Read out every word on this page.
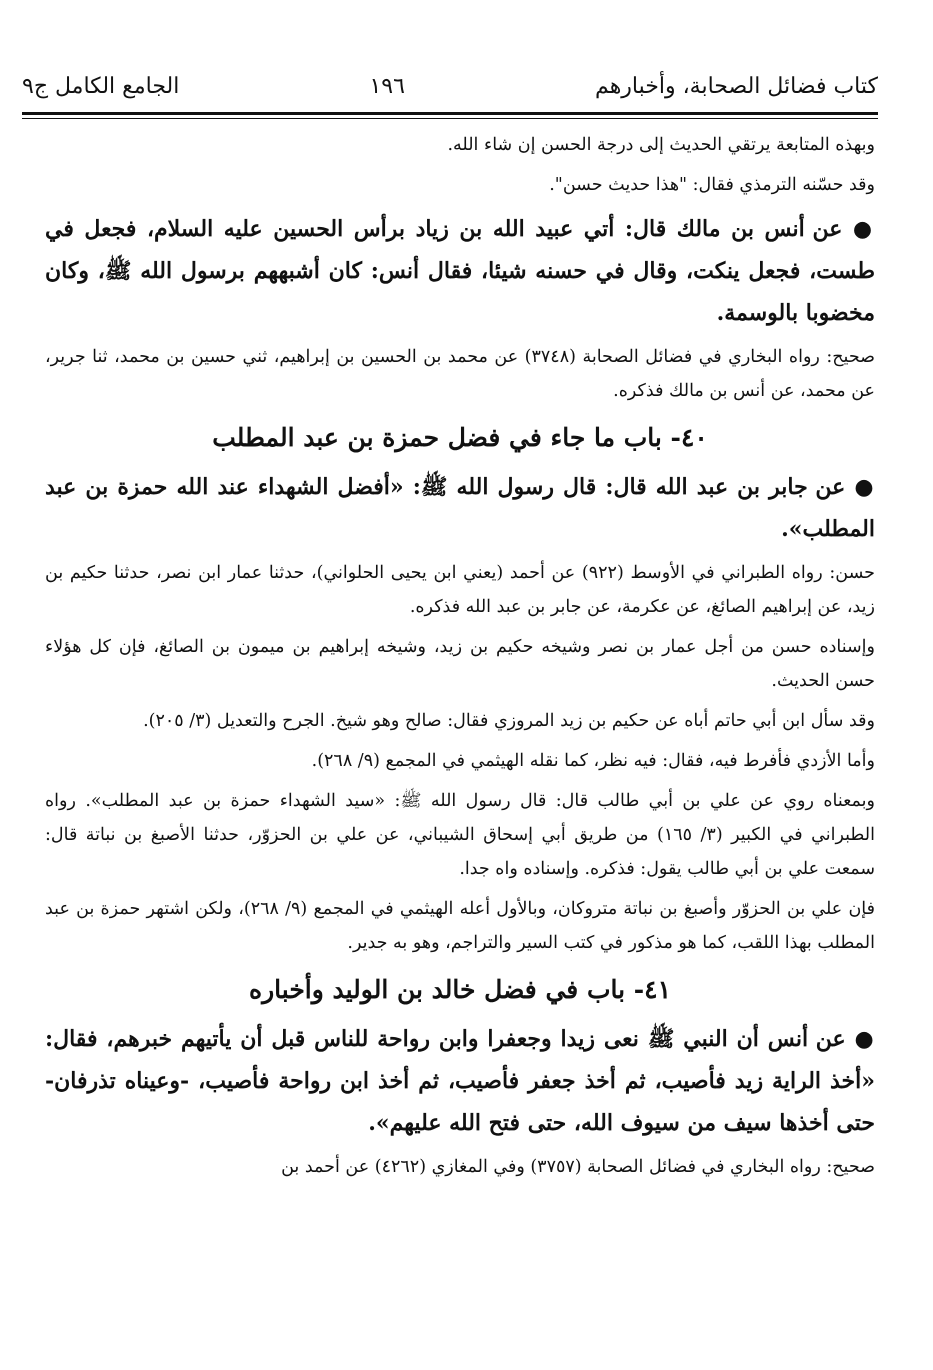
كتاب فضائل الصحابة، وأخبارهم
١٩٦
الجامع الكامل ج٩

وبهذه المتابعة يرتقي الحديث إلى درجة الحسن إن شاء الله.

وقد حسّنه الترمذي فقال: "هذا حديث حسن".

● عن أنس بن مالك قال: أتي عبيد الله بن زياد برأس الحسين عليه السلام، فجعل في طست، فجعل ينكت، وقال في حسنه شيئا، فقال أنس: كان أشبههم برسول الله ﷺ، وكان مخضوبا بالوسمة.

صحيح: رواه البخاري في فضائل الصحابة (٣٧٤٨) عن محمد بن الحسين بن إبراهيم، ثني حسين بن محمد، ثنا جرير، عن محمد، عن أنس بن مالك فذكره.

٤٠- باب ما جاء في فضل حمزة بن عبد المطلب

● عن جابر بن عبد الله قال: قال رسول الله ﷺ: «أفضل الشهداء عند الله حمزة بن عبد المطلب».

حسن: رواه الطبراني في الأوسط (٩٢٢) عن أحمد (يعني ابن يحيى الحلواني)، حدثنا عمار ابن نصر، حدثنا حكيم بن زيد، عن إبراهيم الصائغ، عن عكرمة، عن جابر بن عبد الله فذكره.

وإسناده حسن من أجل عمار بن نصر وشيخه حكيم بن زيد، وشيخه إبراهيم بن ميمون بن الصائغ، فإن كل هؤلاء حسن الحديث.

وقد سأل ابن أبي حاتم أباه عن حكيم بن زيد المروزي فقال: صالح وهو شيخ. الجرح والتعديل (٣/ ٢٠٥).

وأما الأزدي فأفرط فيه، فقال: فيه نظر، كما نقله الهيثمي في المجمع (٩/ ٢٦٨).

وبمعناه روي عن علي بن أبي طالب قال: قال رسول الله ﷺ: «سيد الشهداء حمزة بن عبد المطلب». رواه الطبراني في الكبير (٣/ ١٦٥) من طريق أبي إسحاق الشيباني، عن علي بن الحزوّر، حدثنا الأصبغ بن نباتة قال: سمعت علي بن أبي طالب يقول: فذكره. وإسناده واه جدا.

فإن علي بن الحزوّر وأصبغ بن نباتة متروكان، وبالأول أعله الهيثمي في المجمع (٩/ ٢٦٨)، ولكن اشتهر حمزة بن عبد المطلب بهذا اللقب، كما هو مذكور في كتب السير والتراجم، وهو به جدير.

٤١- باب في فضل خالد بن الوليد وأخباره

● عن أنس أن النبي ﷺ نعى زيدا وجعفرا وابن رواحة للناس قبل أن يأتيهم خبرهم، فقال: «أخذ الراية زيد فأصيب، ثم أخذ جعفر فأصيب، ثم أخذ ابن رواحة فأصيب، -وعيناه تذرفان- حتى أخذها سيف من سيوف الله، حتى فتح الله عليهم».

صحيح: رواه البخاري في فضائل الصحابة (٣٧٥٧) وفي المغازي (٤٢٦٢) عن أحمد بن
